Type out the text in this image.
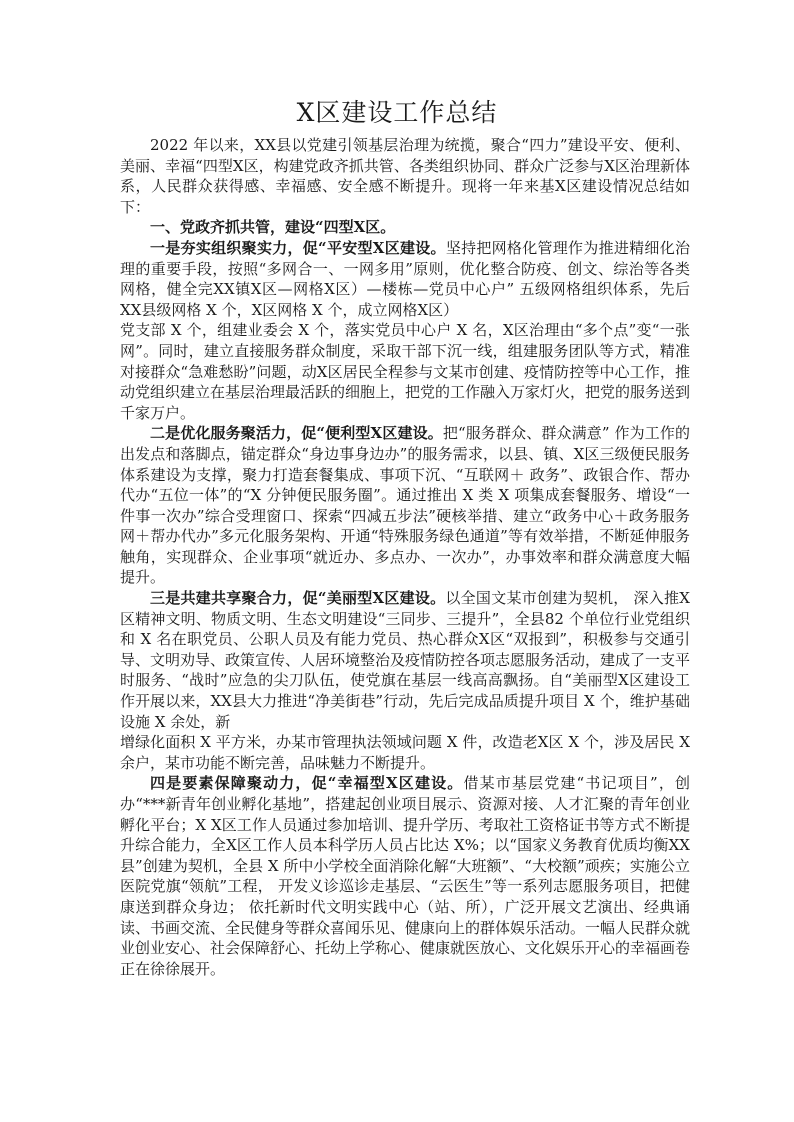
X区建设工作总结

2022 年以来，XX县以党建引领基层治理为统揽，聚合“四力”建设平安、便利、美丽、幸福“四型X区，构建党政齐抓共管、各类组织协同、群众广泛参与X区治理新体系，人民群众获得感、幸福感、安全感不断提升。现将一年来基X区建设情况总结如下：

一、党政齐抓共管，建设“四型X区。

一是夯实组织聚实力，促“平安型X区建设。坚持把网格化管理作为推进精细化治理的重要手段，按照“多网合一、一网多用”原则，优化整合防疫、创文、综治等各类网格，健全完XX镇X区—网格X区）—楼栋—党员中心户” 五级网格组织体系，先后XX县级网格 X 个，X区网格 X 个，成立网格X区）

党支部 X 个，组建业委会 X 个，落实党员中心户 X 名，X区治理由“多个点”变“一张网”。同时，建立直接服务群众制度，采取干部下沉一线，组建服务团队等方式，精准对接群众“急难愁盼”问题，动X区居民全程参与文某市创建、疫情防控等中心工作，推动党组织建立在基层治理最活跃的细胞上，把党的工作融入万家灯火，把党的服务送到千家万户。

二是优化服务聚活力，促“便利型X区建设。把“服务群众、群众满意” 作为工作的出发点和落脚点，锚定群众“身边事身边办”的服务需求，以县、镇、X区三级便民服务体系建设为支撑，聚力打造套餐集成、事项下沉、“互联网＋ 政务”、政银合作、帮办代办“五位一体”的“X 分钟便民服务圈”。通过推出 X 类 X 项集成套餐服务、增设“一件事一次办”综合受理窗口、探索“四减五步法”硬核举措、建立“政务中心＋政务服务网＋帮办代办”多元化服务架构、开通“特殊服务绿色通道”等有效举措，不断延伸服务触角，实现群众、企业事项“就近办、多点办、一次办”，办事效率和群众满意度大幅提升。

三是共建共享聚合力，促“美丽型X区建设。以全国文某市创建为契机， 深入推X区精神文明、物质文明、生态文明建设“三同步、三提升”，全县82 个单位行业党组织和 X 名在职党员、公职人员及有能力党员、热心群众X区“双报到”，积极参与交通引导、文明劝导、政策宣传、人居环境整治及疫情防控各项志愿服务活动，建成了一支平时服务、“战时”应急的尖刀队伍，使党旗在基层一线高高飘扬。自“美丽型X区建设工作开展以来，XX县大力推进“净美街巷”行动，先后完成品质提升项目 X 个，维护基础设施 X 余处，新

增绿化面积 X 平方米，办某市管理执法领域问题 X 件，改造老X区 X 个，涉及居民 X 余户，某市功能不断完善，品味魅力不断提升。

四是要素保障聚动力，促“幸福型X区建设。借某市基层党建“书记项目”，创办“***新青年创业孵化基地”，搭建起创业项目展示、资源对接、人才汇聚的青年创业孵化平台；X X区工作人员通过参加培训、提升学历、考取社工资格证书等方式不断提升综合能力，全X区工作人员本科学历人员占比达 X%；以“国家义务教育优质均衡XX县”创建为契机，全县 X 所中小学校全面消除化解“大班额”、“大校额”顽疾；实施公立医院党旗“领航”工程， 开发义诊巡诊走基层、“云医生”等一系列志愿服务项目，把健康送到群众身边； 依托新时代文明实践中心（站、所），广泛开展文艺演出、经典诵读、书画交流、全民健身等群众喜闻乐见、健康向上的群体娱乐活动。一幅人民群众就业创业安心、社会保障舒心、托幼上学称心、健康就医放心、文化娱乐开心的幸福画卷正在徐徐展开。
